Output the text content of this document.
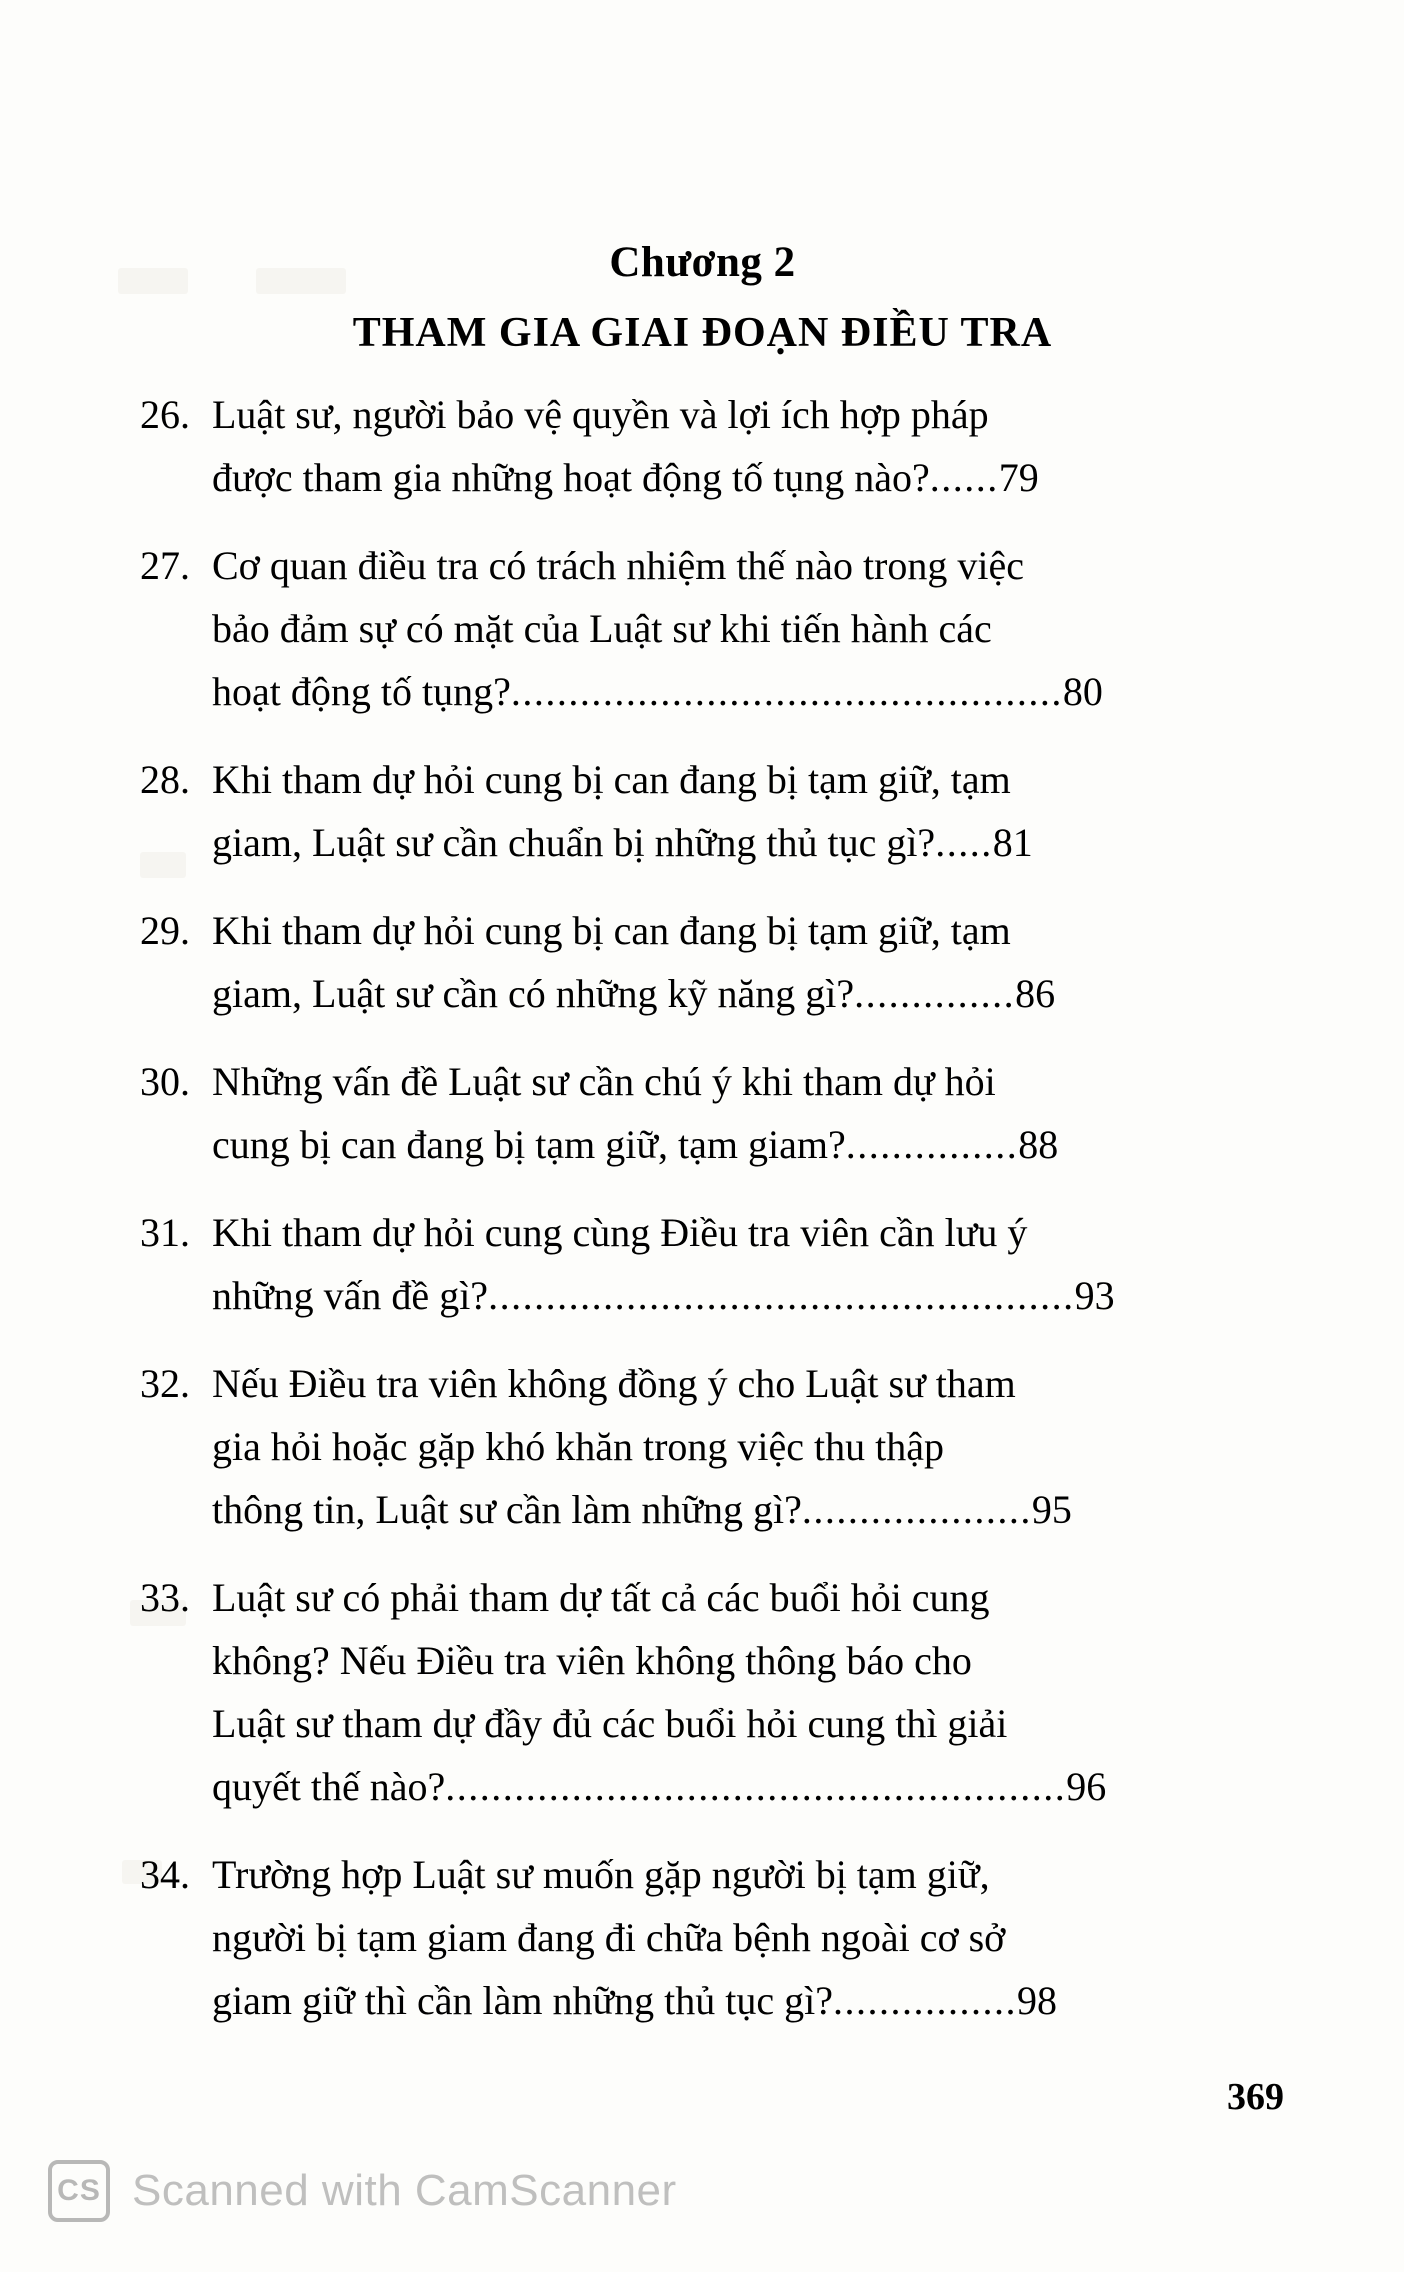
Chương 2
THAM GIA GIAI ĐOẠN ĐIỀU TRA
26. Luật sư, người bảo vệ quyền và lợi ích hợp pháp
được tham gia những hoạt động tố tụng nào?......79
27. Cơ quan điều tra có trách nhiệm thế nào trong việc
bảo đảm sự có mặt của Luật sư khi tiến hành các
hoạt động tố tụng?................................................80
28. Khi tham dự hỏi cung bị can đang bị tạm giữ, tạm
giam, Luật sư cần chuẩn bị những thủ tục gì?.....81
29. Khi tham dự hỏi cung bị can đang bị tạm giữ, tạm
giam, Luật sư cần có những kỹ năng gì?..............86
30. Những vấn đề Luật sư cần chú ý khi tham dự hỏi
cung bị can đang bị tạm giữ, tạm giam?...............88
31. Khi tham dự hỏi cung cùng Điều tra viên cần lưu ý
những vấn đề gì?...................................................93
32. Nếu Điều tra viên không đồng ý cho Luật sư tham
gia hỏi hoặc gặp khó khăn trong việc thu thập
thông tin, Luật sư cần làm những gì?....................95
33. Luật sư có phải tham dự tất cả các buổi hỏi cung
không? Nếu Điều tra viên không thông báo cho
Luật sư tham dự đầy đủ các buổi hỏi cung thì giải
quyết thế nào?......................................................96
34. Trường hợp Luật sư muốn gặp người bị tạm giữ,
người bị tạm giam đang đi chữa bệnh ngoài cơ sở
giam giữ thì cần làm những thủ tục gì?................98
369
CS Scanned with CamScanner
